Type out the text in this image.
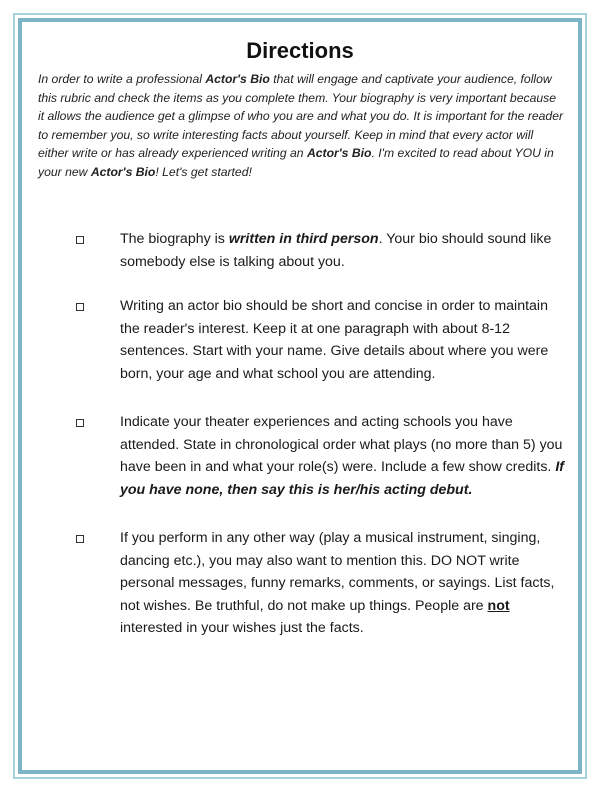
Directions
In order to write a professional Actor's Bio that will engage and captivate your audience, follow this rubric and check the items as you complete them. Your biography is very important because it allows the audience get a glimpse of who you are and what you do. It is important for the reader to remember you, so write interesting facts about yourself. Keep in mind that every actor will either write or has already experienced writing an Actor's Bio. I'm excited to read about YOU in your new Actor's Bio! Let's get started!
The biography is written in third person. Your bio should sound like somebody else is talking about you.
Writing an actor bio should be short and concise in order to maintain the reader's interest. Keep it at one paragraph with about 8-12 sentences. Start with your name. Give details about where you were born, your age and what school you are attending.
Indicate your theater experiences and acting schools you have attended. State in chronological order what plays (no more than 5) you have been in and what your role(s) were. Include a few show credits. If you have none, then say this is her/his acting debut.
If you perform in any other way (play a musical instrument, singing, dancing etc.), you may also want to mention this. DO NOT write personal messages, funny remarks, comments, or sayings. List facts, not wishes. Be truthful, do not make up things. People are not interested in your wishes just the facts.
